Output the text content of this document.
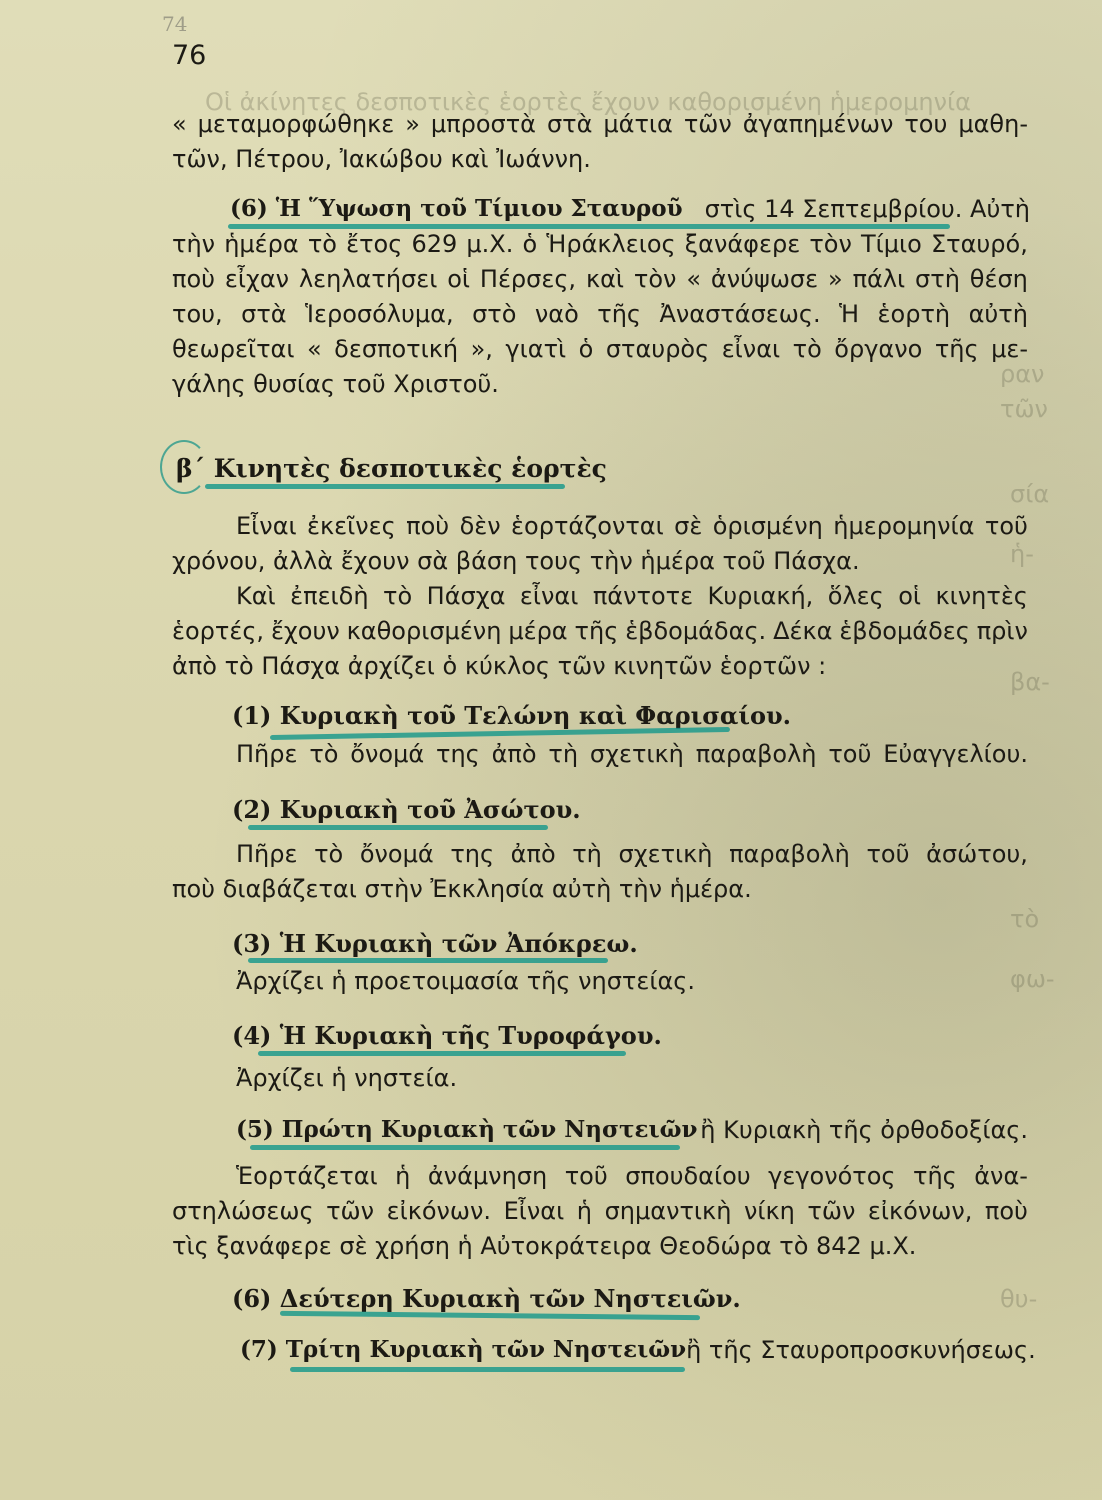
Οἱ ἀκίνητες δεσποτικὲς ἑορτὲς ἔχουν καθορισμένη ἡμερομηνία
ραν
τῶν
σία
ἡ-
βα-
τὸ
φω-
θυ-
74
76
« μεταμορφώθηκε » μπροστὰ στὰ μάτια τῶν ἀγαπημένων του μαθη-
τῶν, Πέτρου, Ἰακώβου καὶ Ἰωάννη.
(6) Ἡ Ὕψωση τοῦ Τίμιου Σταυροῦ στὶς 14 Σεπτεμβρίου. Αὐτὴ
τὴν ἡμέρα τὸ ἔτος 629 μ.Χ. ὁ Ἡράκλειος ξανάφερε τὸν Τίμιο Σταυρό,
ποὺ εἶχαν λεηλατήσει οἱ Πέρσες, καὶ τὸν « ἀνύψωσε » πάλι στὴ θέση
του, στὰ Ἱεροσόλυμα, στὸ ναὸ τῆς Ἀναστάσεως. Ἡ ἑορτὴ αὐτὴ
θεωρεῖται « δεσποτική », γιατὶ ὁ σταυρὸς εἶναι τὸ ὄργανο τῆς με-
γάλης θυσίας τοῦ Χριστοῦ.
β΄ Κινητὲς δεσποτικὲς ἑορτὲς
Εἶναι ἐκεῖνες ποὺ δὲν ἑορτάζονται σὲ ὁρισμένη ἡμερομηνία τοῦ
χρόνου, ἀλλὰ ἔχουν σὰ βάση τους τὴν ἡμέρα τοῦ Πάσχα.
Καὶ ἐπειδὴ τὸ Πάσχα εἶναι πάντοτε Κυριακή, ὅλες οἱ κινητὲς
ἑορτές, ἔχουν καθορισμένη μέρα τῆς ἑβδομάδας. Δέκα ἑβδομάδες πρὶν
ἀπὸ τὸ Πάσχα ἀρχίζει ὁ κύκλος τῶν κινητῶν ἑορτῶν :
(1) Κυριακὴ τοῦ Τελώνη καὶ Φαρισαίου.
Πῆρε τὸ ὄνομά της ἀπὸ τὴ σχετικὴ παραβολὴ τοῦ Εὐαγγελίου.
(2) Κυριακὴ τοῦ Ἀσώτου.
Πῆρε τὸ ὄνομά της ἀπὸ τὴ σχετικὴ παραβολὴ τοῦ ἀσώτου,
ποὺ διαβάζεται στὴν Ἐκκλησία αὐτὴ τὴν ἡμέρα.
(3) Ἡ Κυριακὴ τῶν Ἀπόκρεω.
Ἀρχίζει ἡ προετοιμασία τῆς νηστείας.
(4) Ἡ Κυριακὴ τῆς Τυροφάγου.
Ἀρχίζει ἡ νηστεία.
(5) Πρώτη Κυριακὴ τῶν Νηστειῶν ἢ Κυριακὴ τῆς ὀρθοδοξίας.
Ἑορτάζεται ἡ ἀνάμνηση τοῦ σπουδαίου γεγονότος τῆς ἀνα-
στηλώσεως τῶν εἰκόνων. Εἶναι ἡ σημαντικὴ νίκη τῶν εἰκόνων, ποὺ
τὶς ξανάφερε σὲ χρήση ἡ Αὐτοκράτειρα Θεοδώρα τὸ 842 μ.Χ.
(6) Δεύτερη Κυριακὴ τῶν Νηστειῶν.
(7) Τρίτη Κυριακὴ τῶν Νηστειῶν ἢ τῆς Σταυροπροσκυνήσεως.
